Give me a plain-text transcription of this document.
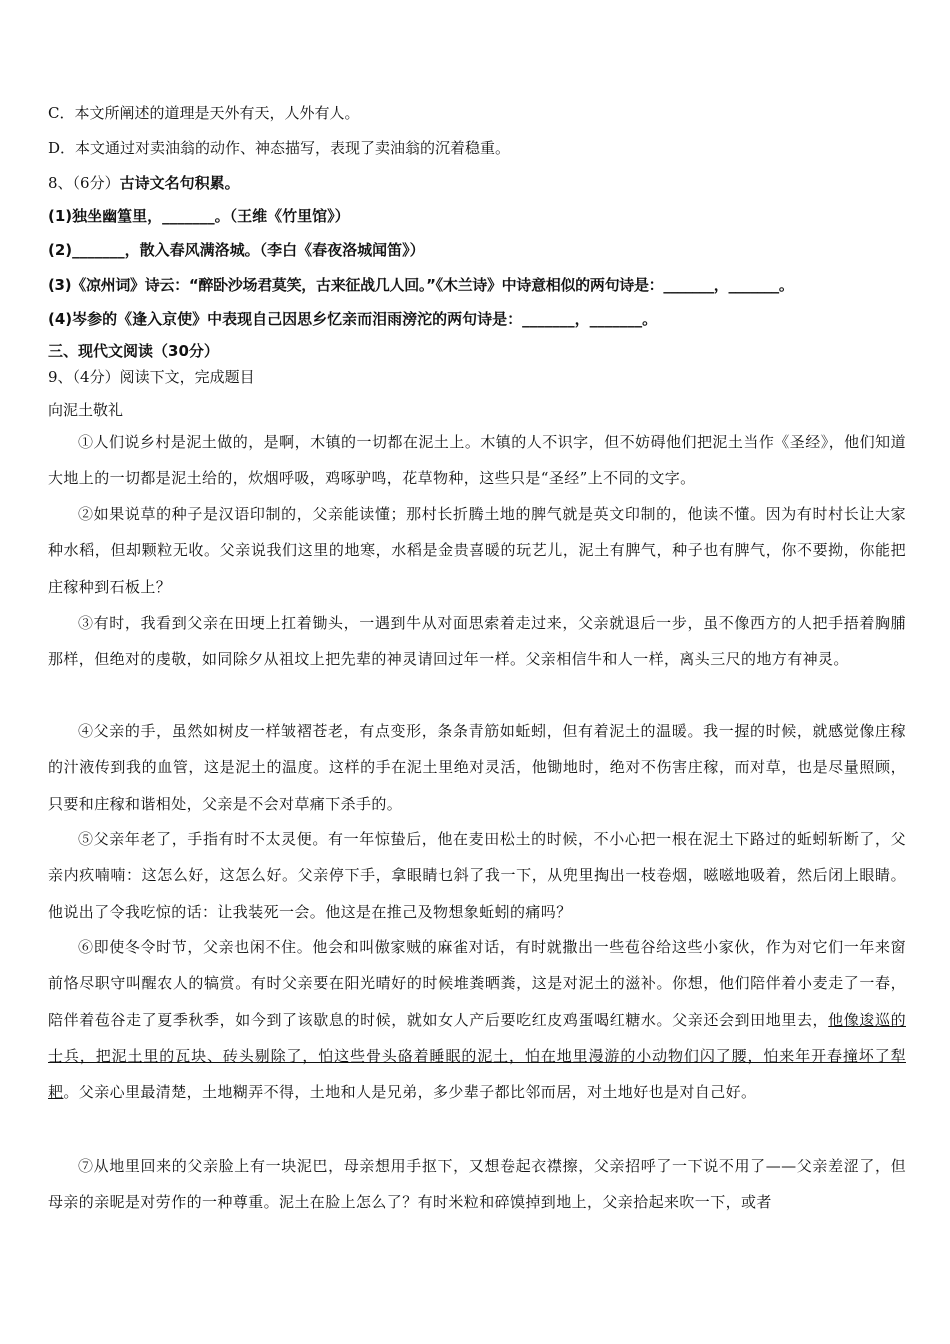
C．本文所阐述的道理是天外有天，人外有人。
D．本文通过对卖油翁的动作、神态描写，表现了卖油翁的沉着稳重。
8、（6分）古诗文名句积累。
(1)独坐幽篁里，_______。（王维《竹里馆》）
(2)_______，散入春风满洛城。（李白《春夜洛城闻笛》）
(3)《凉州词》诗云：“醉卧沙场君莫笑，古来征战几人回。”《木兰诗》中诗意相似的两句诗是：_______，_______。
(4)岑参的《逢入京使》中表现自己因思乡忆亲而泪雨滂沱的两句诗是：_______，_______。
三、现代文阅读（30分）
9、（4分）阅读下文，完成题目
向泥土敬礼
①人们说乡村是泥土做的，是啊，木镇的一切都在泥土上。木镇的人不识字，但不妨碍他们把泥土当作《圣经》，他们知道大地上的一切都是泥土给的，炊烟呼吸，鸡啄驴鸣，花草物种，这些只是“圣经”上不同的文字。
②如果说草的种子是汉语印制的，父亲能读懂；那村长折腾土地的脾气就是英文印制的，他读不懂。因为有时村长让大家种水稻，但却颗粒无收。父亲说我们这里的地寒，水稻是金贵喜暖的玩艺儿，泥土有脾气，种子也有脾气，你不要拗，你能把庄稼种到石板上？
③有时，我看到父亲在田埂上扛着锄头，一遇到牛从对面思索着走过来，父亲就退后一步，虽不像西方的人把手捂着胸脯那样，但绝对的虔敬，如同除夕从祖坟上把先辈的神灵请回过年一样。父亲相信牛和人一样，离头三尺的地方有神灵。
④父亲的手，虽然如树皮一样皱褶苍老，有点变形，条条青筋如蚯蚓，但有着泥土的温暖。我一握的时候，就感觉像庄稼的汁液传到我的血管，这是泥土的温度。这样的手在泥土里绝对灵活，他锄地时，绝对不伤害庄稼，而对草，也是尽量照顾，只要和庄稼和谐相处，父亲是不会对草痛下杀手的。
⑤父亲年老了，手指有时不太灵便。有一年惊蛰后，他在麦田松土的时候，不小心把一根在泥土下路过的蚯蚓斩断了，父亲内疚喃喃：这怎么好，这怎么好。父亲停下手，拿眼睛乜斜了我一下，从兜里掏出一枝卷烟，嗞嗞地吸着，然后闭上眼睛。他说出了令我吃惊的话：让我装死一会。他这是在推己及物想象蚯蚓的痛吗？
⑥即使冬令时节，父亲也闲不住。他会和叫傲家贼的麻雀对话，有时就撒出一些苞谷给这些小家伙，作为对它们一年来窗前恪尽职守叫醒农人的犒赏。有时父亲要在阳光晴好的时候堆粪晒粪，这是对泥土的滋补。你想，他们陪伴着小麦走了一春，陪伴着苞谷走了夏季秋季，如今到了该歇息的时候，就如女人产后要吃红皮鸡蛋喝红糖水。父亲还会到田地里去，他像逡巡的士兵，把泥土里的瓦块、砖头剔除了，怕这些骨头硌着睡眠的泥土，怕在地里漫游的小动物们闪了腰，怕来年开春撞坏了犁耙。父亲心里最清楚，土地糊弄不得，土地和人是兄弟，多少辈子都比邻而居，对土地好也是对自己好。
⑦从地里回来的父亲脸上有一块泥巴，母亲想用手抠下，又想卷起衣襟擦，父亲招呼了一下说不用了——父亲差涩了，但母亲的亲昵是对劳作的一种尊重。泥土在脸上怎么了？有时米粒和碎馍掉到地上，父亲拾起来吹一下，或者
